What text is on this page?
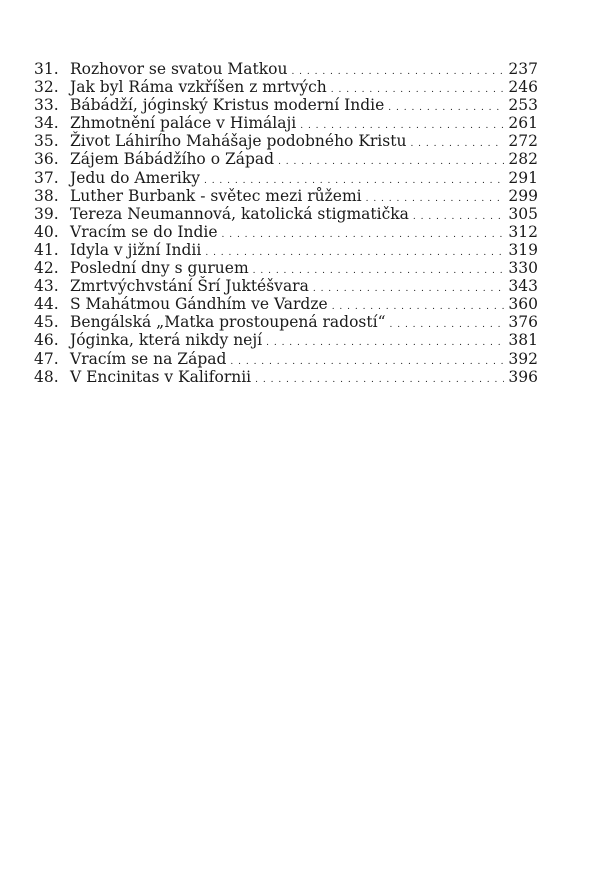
31. Rozhovor se svatou Matkou . . .	237
32. Jak byl Ráma vzkříšen z mrtvých . . .	246
33. Bábádží, jóginský Kristus moderní Indie . . .	253
34. Zhmotnění paláce v Himálaji . . .	261
35. Život Láhirího Mahášaje podobného Kristu . . .	272
36. Zájem Bábádžího o Západ . . .	282
37. Jedu do Ameriky . . .	291
38. Luther Burbank - světec mezi růžemi . . .	299
39. Tereza Neumannová, katolická stigmatička . . .	305
40. Vracím se do Indie . . .	312
41. Idyla v jižní Indii . . .	319
42. Poslední dny s guruem . . .	330
43. Zmrtvýchvstání Šrí Juktéšvara . . .	343
44. S Mahátmou Gándhím ve Vardze . . .	360
45. Bengálská „Matka prostoupená radostí“ . . .	376
46. Jóginka, která nikdy nejí . . .	381
47. Vracím se na Západ . . .	392
48. V Encinitas v Kalifornii . . .	396
